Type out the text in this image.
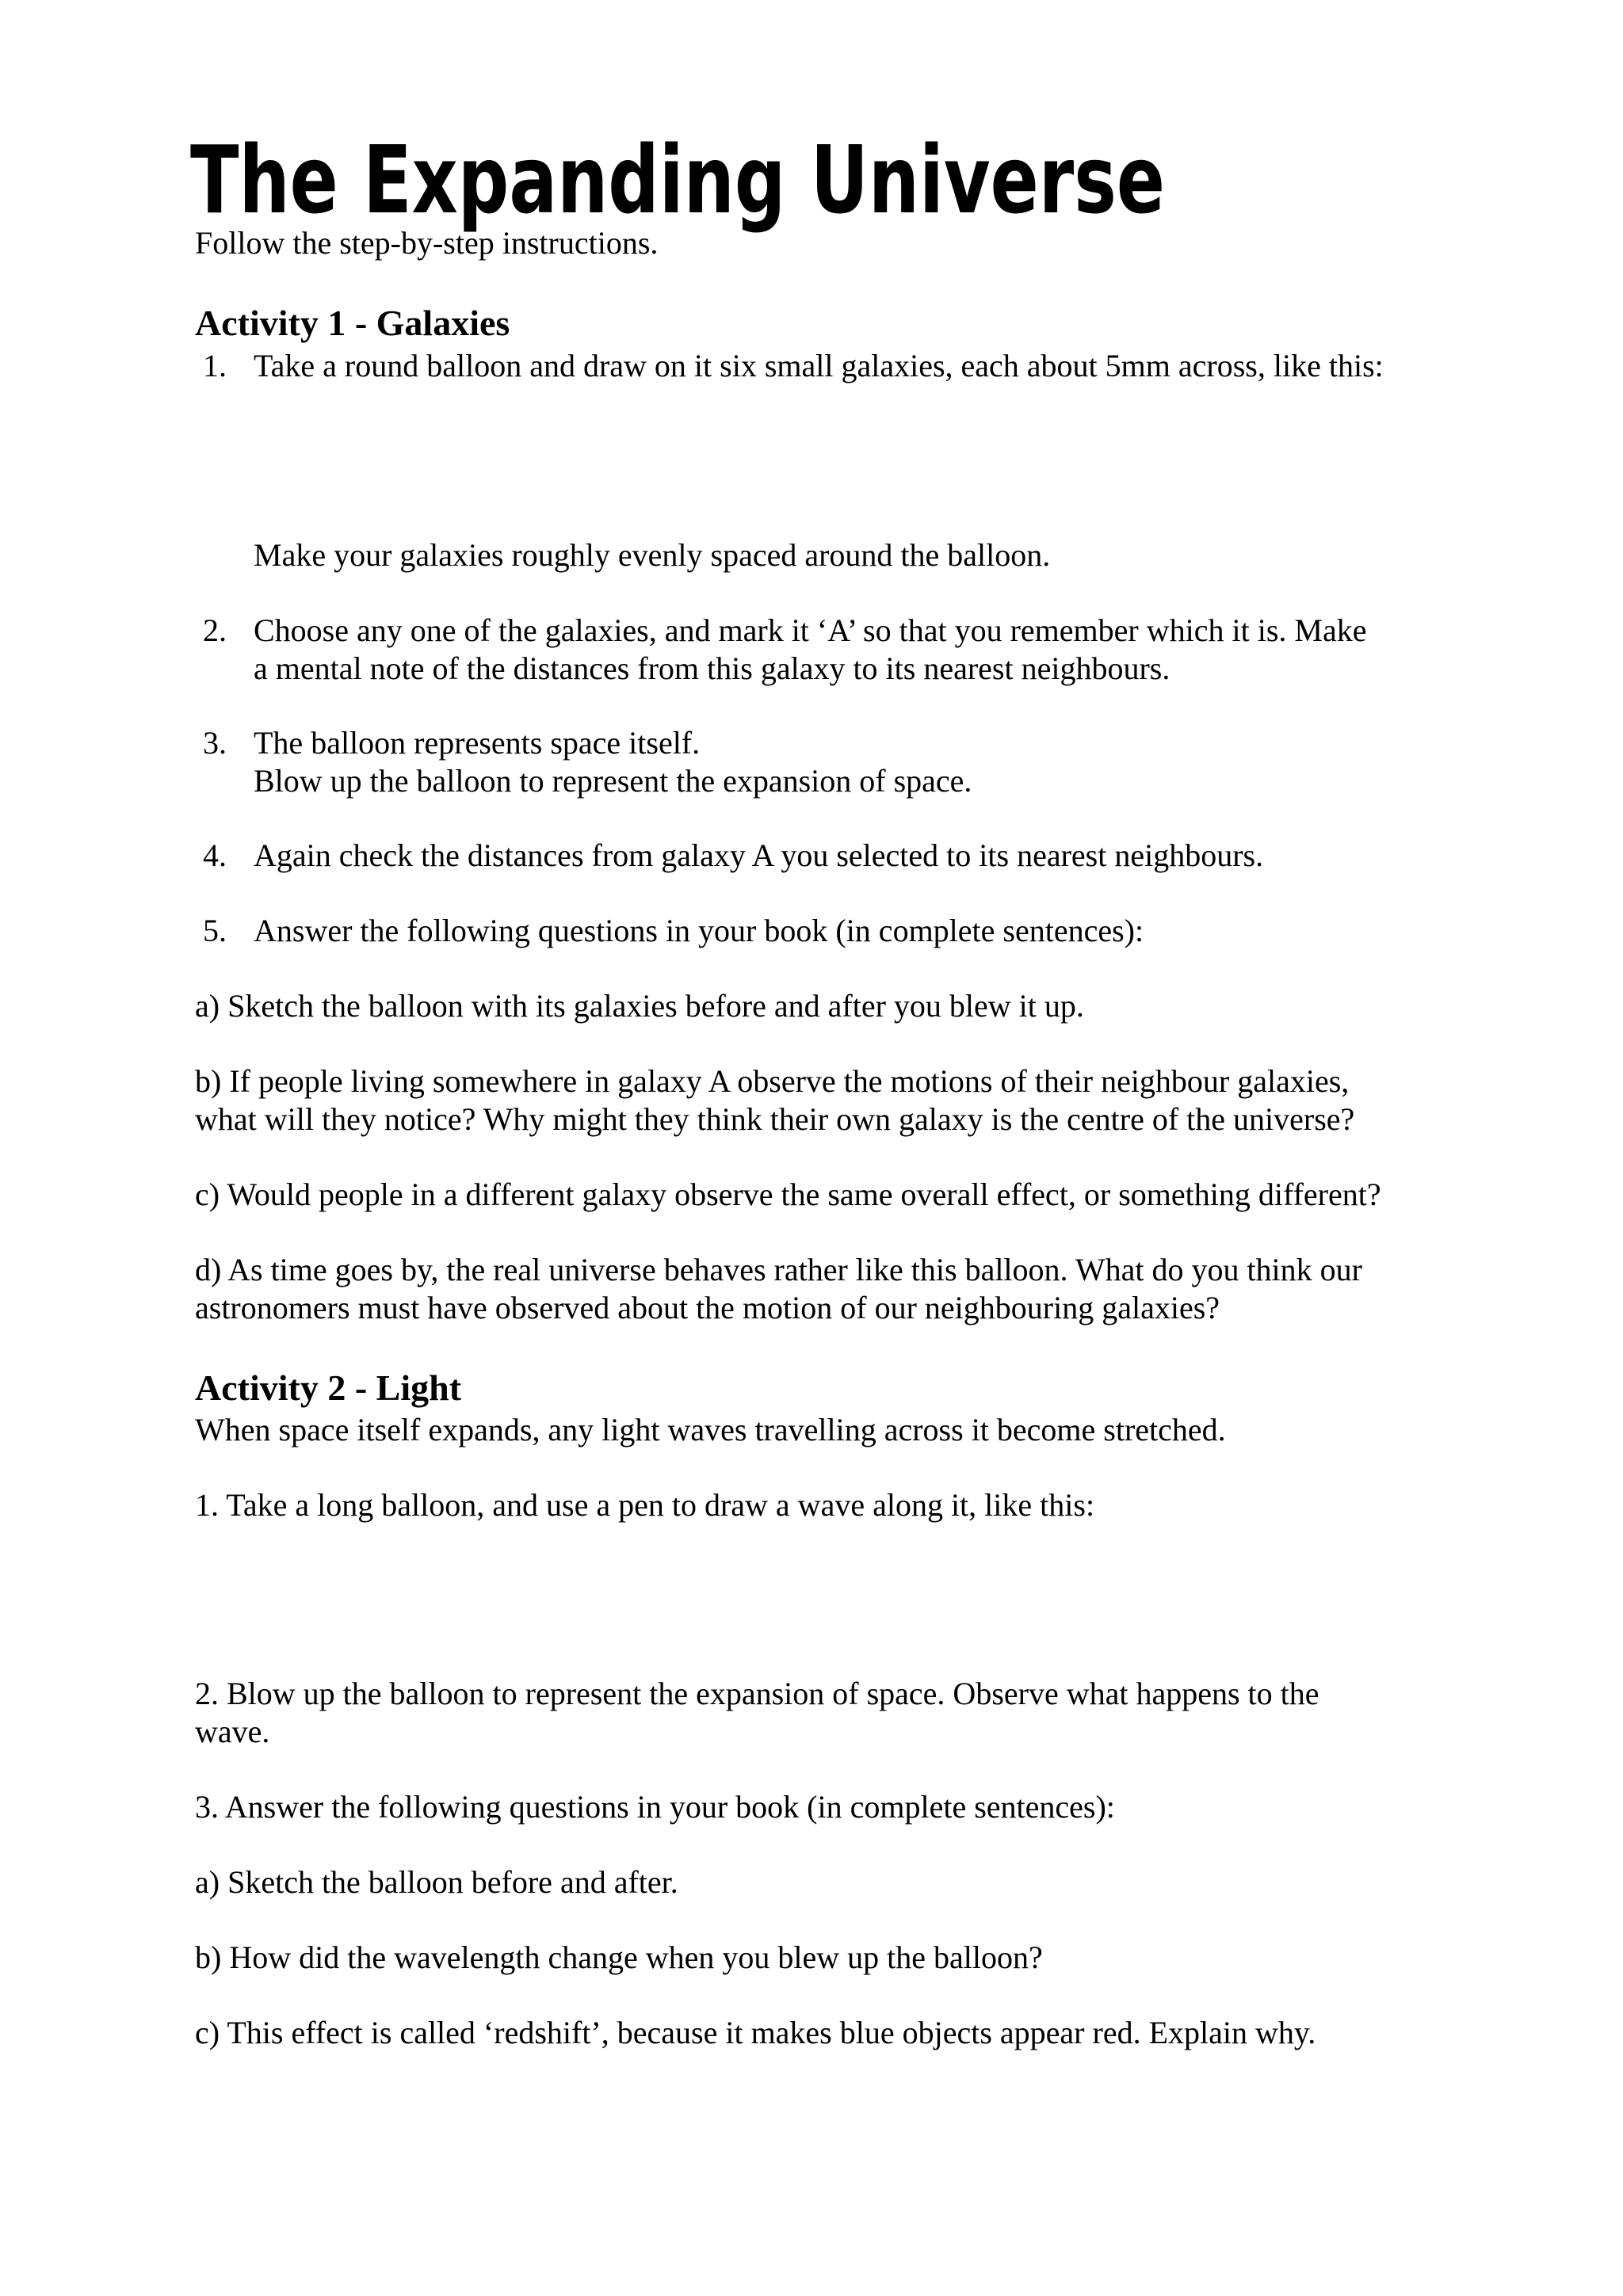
The Expanding Universe
Follow the step-by-step instructions.
Activity 1 - Galaxies
1. Take a round balloon and draw on it six small galaxies, each about 5mm across, like this:
Make your galaxies roughly evenly spaced around the balloon.
2. Choose any one of the galaxies, and mark it ‘A’ so that you remember which it is. Make
a mental note of the distances from this galaxy to its nearest neighbours.
3. The balloon represents space itself.
Blow up the balloon to represent the expansion of space.
4. Again check the distances from galaxy A you selected to its nearest neighbours.
5. Answer the following questions in your book (in complete sentences):
a) Sketch the balloon with its galaxies before and after you blew it up.
b) If people living somewhere in galaxy A observe the motions of their neighbour galaxies,
what will they notice? Why might they think their own galaxy is the centre of the universe?
c) Would people in a different galaxy observe the same overall effect, or something different?
d) As time goes by, the real universe behaves rather like this balloon. What do you think our
astronomers must have observed about the motion of our neighbouring galaxies?
Activity 2 - Light
When space itself expands, any light waves travelling across it become stretched.
1. Take a long balloon, and use a pen to draw a wave along it, like this:
2. Blow up the balloon to represent the expansion of space. Observe what happens to the
wave.
3. Answer the following questions in your book (in complete sentences):
a) Sketch the balloon before and after.
b) How did the wavelength change when you blew up the balloon?
c) This effect is called ‘redshift’, because it makes blue objects appear red. Explain why.
